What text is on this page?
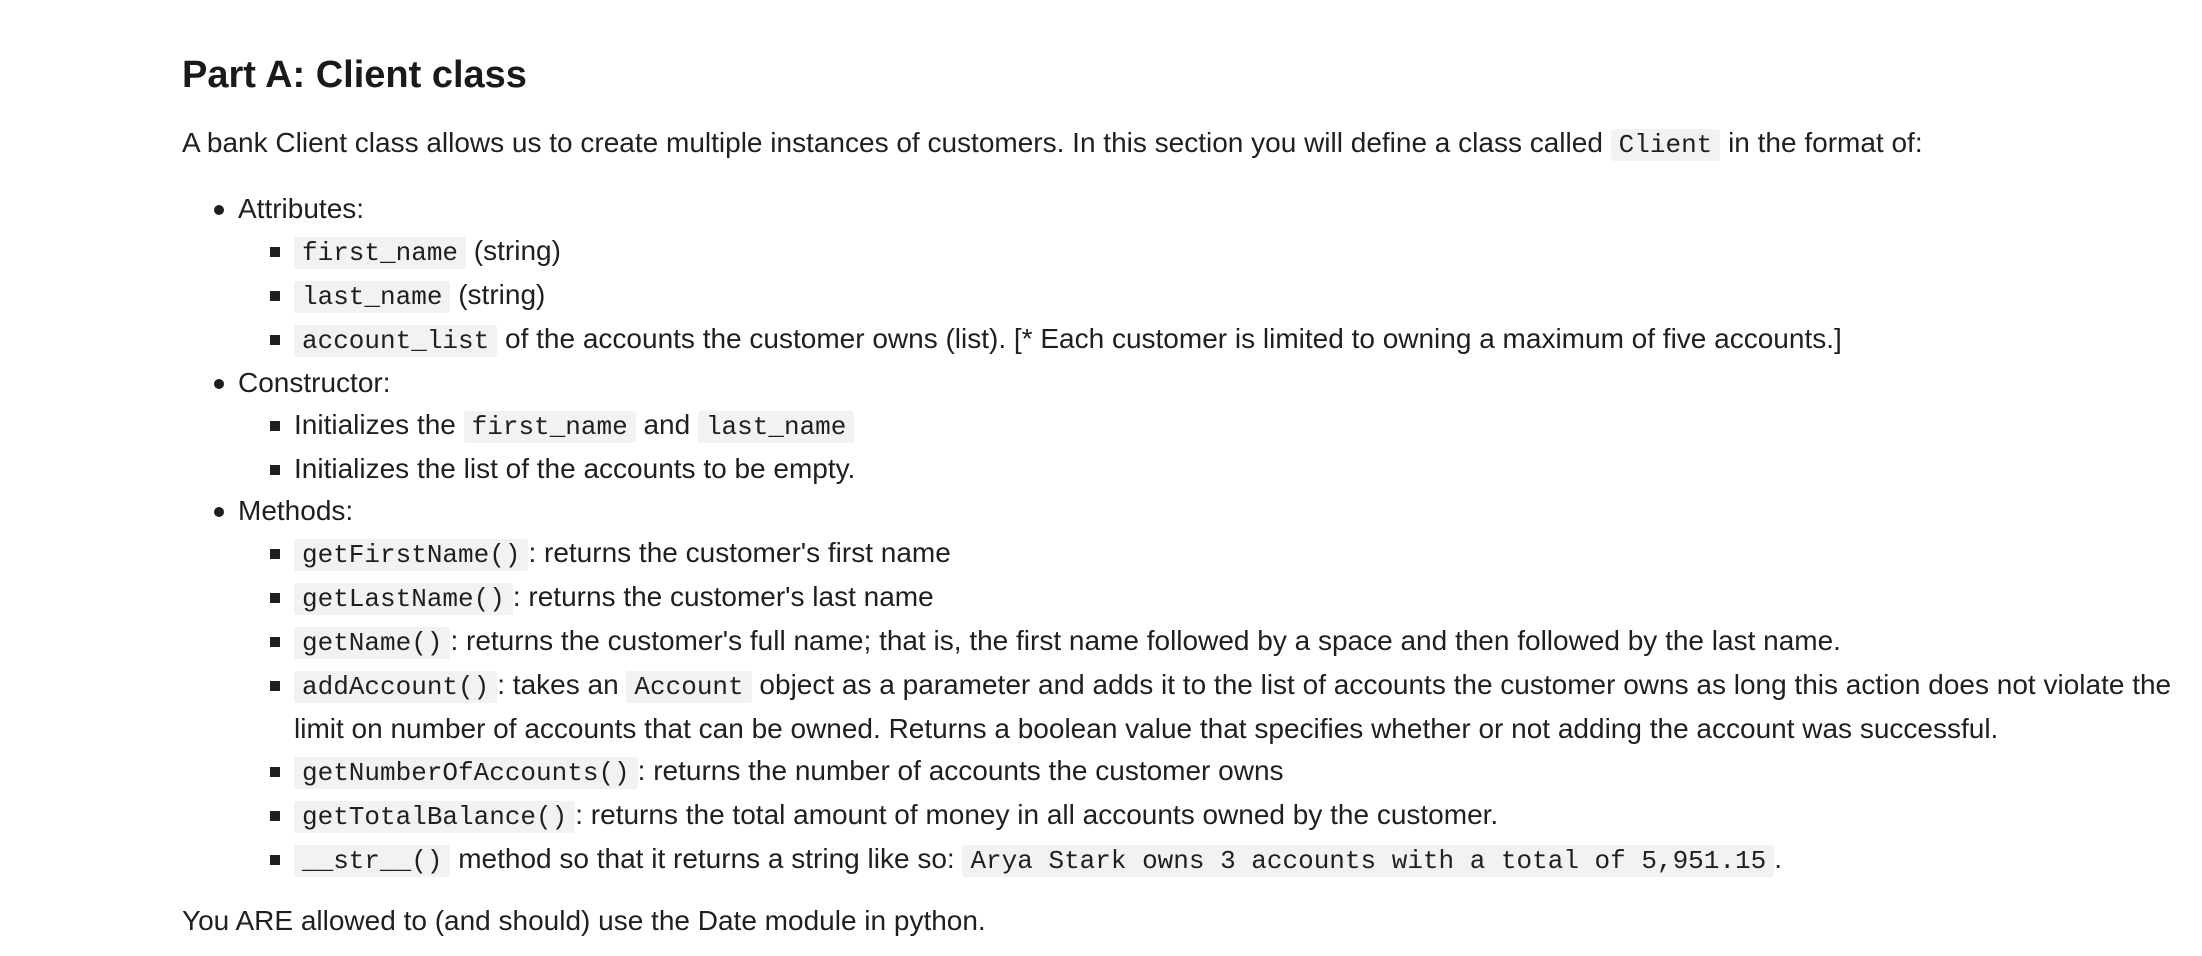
Part A: Client class

A bank Client class allows us to create multiple instances of customers. In this section you will define a class called Client in the format of:

Attributes:
first_name (string)
last_name (string)
account_list of the accounts the customer owns (list). [* Each customer is limited to owning a maximum of five accounts.]
Constructor:
Initializes the first_name and last_name
Initializes the list of the accounts to be empty.
Methods:
getFirstName() : returns the customer's first name
getLastName() : returns the customer's last name
getName() : returns the customer's full name; that is, the first name followed by a space and then followed by the last name.
addAccount() : takes an Account object as a parameter and adds it to the list of accounts the customer owns as long this action does not violate the limit on number of accounts that can be owned. Returns a boolean value that specifies whether or not adding the account was successful.
getNumberOfAccounts() : returns the number of accounts the customer owns
getTotalBalance() : returns the total amount of money in all accounts owned by the customer.
__str__() method so that it returns a string like so: Arya Stark owns 3 accounts with a total of 5,951.15 .

You ARE allowed to (and should) use the Date module in python.
